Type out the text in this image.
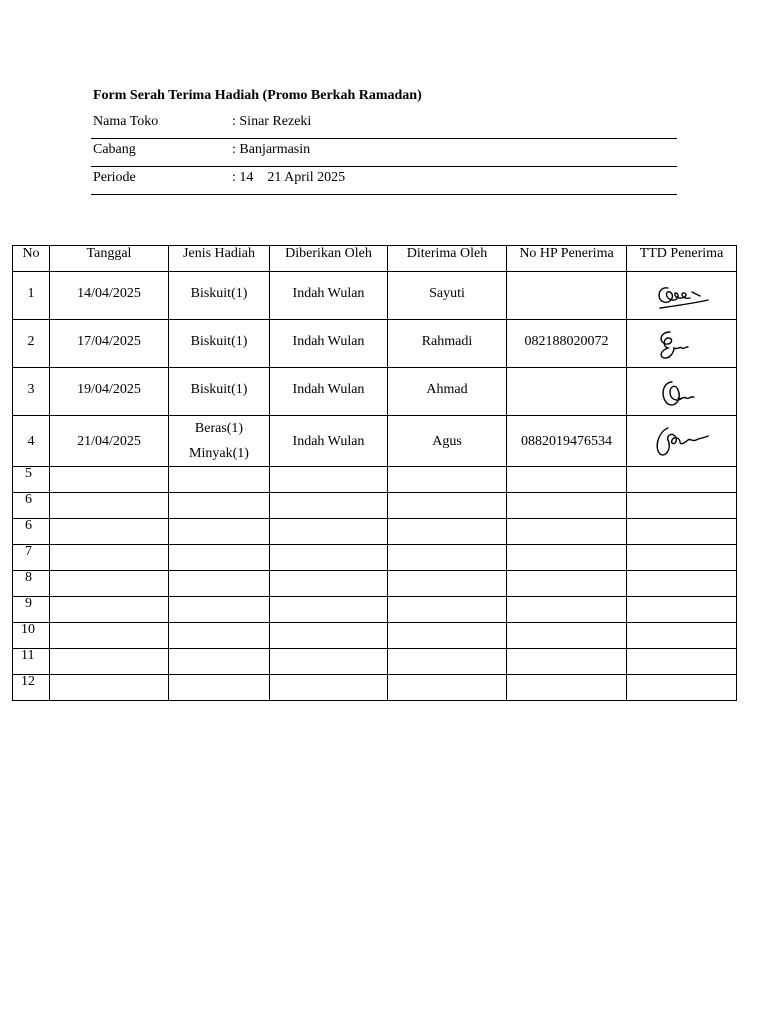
Form Serah Terima Hadiah (Promo Berkah Ramadan)
Nama Toko	: Sinar Rezeki
Cabang	: Banjarmasin
Periode	: 14    21 April 2025
No	Tanggal	Jenis Hadiah	Diberikan Oleh	Diterima Oleh	No HP Penerima	TTD Penerima

1	14/04/2025	Biskuit(1)	Indah Wulan	Sayuti

2	17/04/2025	Biskuit(1)	Indah Wulan	Rahmadi	082188020072

3	19/04/2025	Biskuit(1)	Indah Wulan	Ahmad

4	21/04/2025	Beras(1)
Minyak(1)	Indah Wulan	Agus	0882019476534

5						
6						
6						
7						
8						
9						
10						
11						
12						
